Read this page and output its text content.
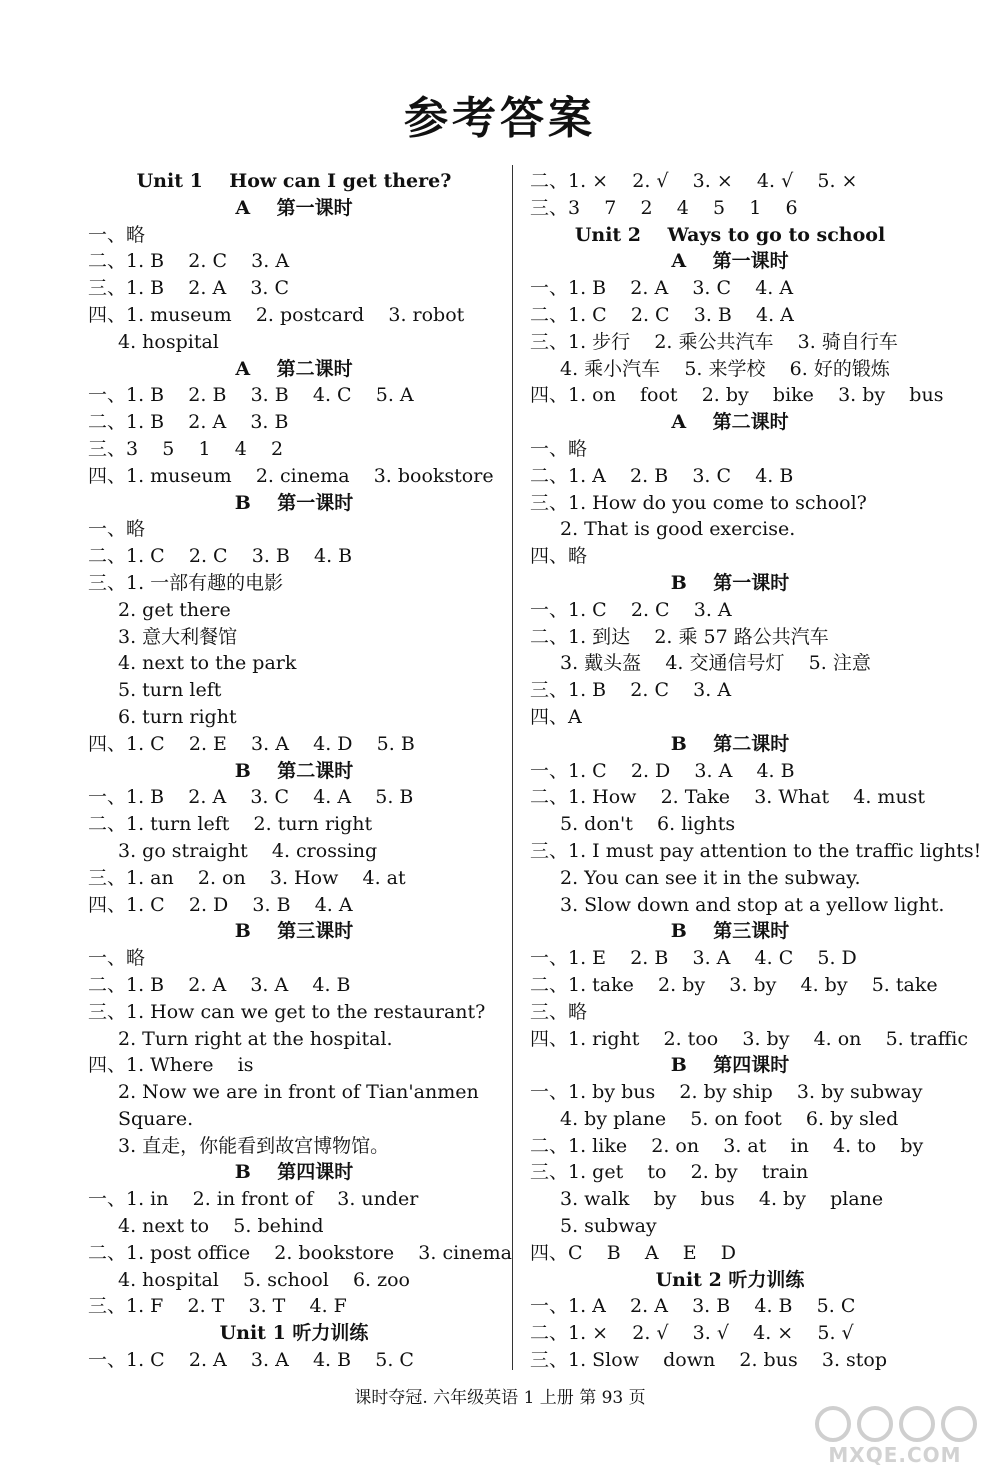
参考答案
Unit 1    How can I get there?
A    第一课时
一、略
二、1. B    2. C    3. A
三、1. B    2. A    3. C
四、1. museum    2. postcard    3. robot
4. hospital
A    第二课时
一、1. B    2. B    3. B    4. C    5. A
二、1. B    2. A    3. B
三、3    5    1    4    2
四、1. museum    2. cinema    3. bookstore
B    第一课时
一、略
二、1. C    2. C    3. B    4. B
三、1. 一部有趣的电影
2. get there
3. 意大利餐馆
4. next to the park
5. turn left
6. turn right
四、1. C    2. E    3. A    4. D    5. B
B    第二课时
一、1. B    2. A    3. C    4. A    5. B
二、1. turn left    2. turn right
3. go straight    4. crossing
三、1. an    2. on    3. How    4. at
四、1. C    2. D    3. B    4. A
B    第三课时
一、略
二、1. B    2. A    3. A    4. B
三、1. How can we get to the restaurant?
2. Turn right at the hospital.
四、1. Where    is
2. Now we are in front of Tian'anmen
Square.
3. 直走，你能看到故宫博物馆。
B    第四课时
一、1. in    2. in front of    3. under
4. next to    5. behind
二、1. post office    2. bookstore    3. cinema
4. hospital    5. school    6. zoo
三、1. F    2. T    3. T    4. F
Unit 1 听力训练
一、1. C    2. A    3. A    4. B    5. C
二、1. ×    2. √    3. ×    4. √    5. ×
三、3    7    2    4    5    1    6
Unit 2    Ways to go to school
A    第一课时
一、1. B    2. A    3. C    4. A
二、1. C    2. C    3. B    4. A
三、1. 步行    2. 乘公共汽车    3. 骑自行车
4. 乘小汽车    5. 来学校    6. 好的锻炼
四、1. on    foot    2. by    bike    3. by    bus
A    第二课时
一、略
二、1. A    2. B    3. C    4. B
三、1. How do you come to school?
2. That is good exercise.
四、略
B    第一课时
一、1. C    2. C    3. A
二、1. 到达    2. 乘 57 路公共汽车
3. 戴头盔    4. 交通信号灯    5. 注意
三、1. B    2. C    3. A
四、A
B    第二课时
一、1. C    2. D    3. A    4. B
二、1. How    2. Take    3. What    4. must
5. don't    6. lights
三、1. I must pay attention to the traffic lights!
2. You can see it in the subway.
3. Slow down and stop at a yellow light.
B    第三课时
一、1. E    2. B    3. A    4. C    5. D
二、1. take    2. by    3. by    4. by    5. take
三、略
四、1. right    2. too    3. by    4. on    5. traffic
B    第四课时
一、1. by bus    2. by ship    3. by subway
4. by plane    5. on foot    6. by sled
二、1. like    2. on    3. at    in    4. to    by
三、1. get    to    2. by    train
3. walk    by    bus    4. by    plane
5. subway
四、C    B    A    E    D
Unit 2 听力训练
一、1. A    2. A    3. B    4. B    5. C
二、1. ×    2. √    3. √    4. ×    5. √
三、1. Slow    down    2. bus    3. stop
课时夺冠. 六年级英语 1 上册 第 93 页
MXQE.COM
